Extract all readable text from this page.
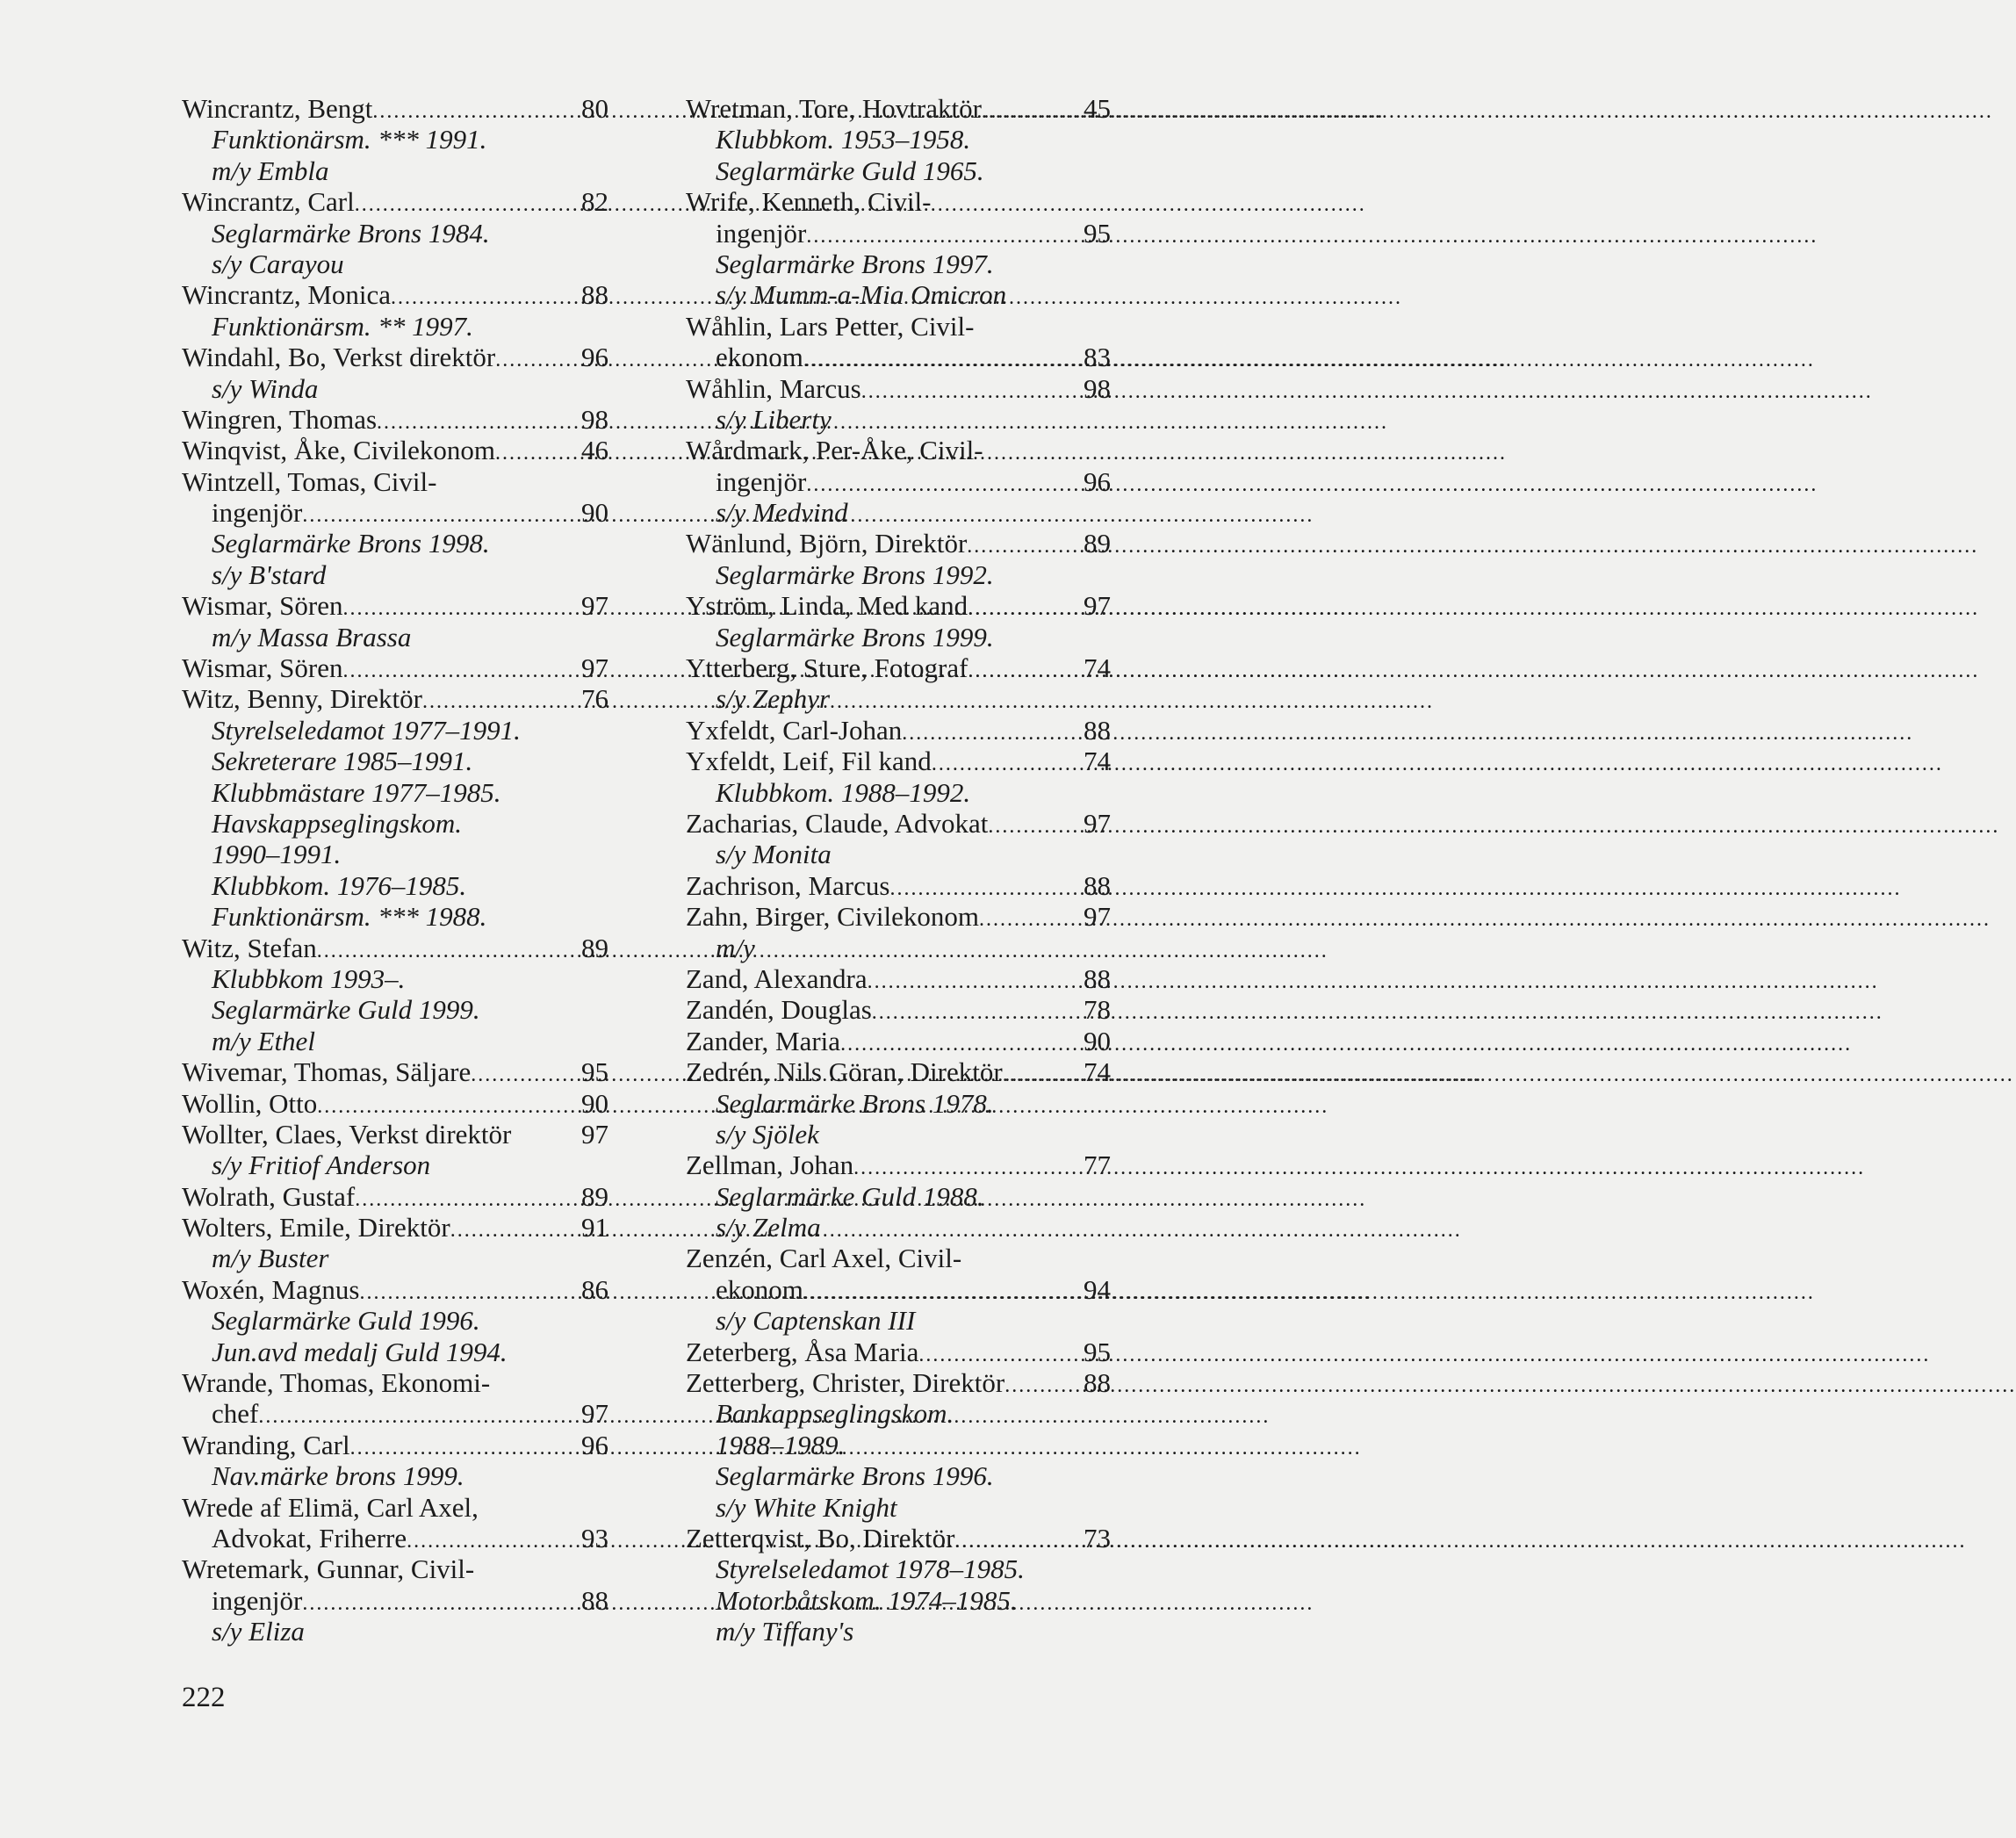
Wincrantz, Bengt .....	80
Funktionärsm. *** 1991.
m/y Embla
Wincrantz, Carl .....	82
Seglarmärke Brons 1984.
s/y Carayou
Wincrantz, Monica .....	88
Funktionärsm. ** 1997.
Windahl, Bo, Verkst direktör .....	96
s/y Winda
Wingren, Thomas .....	98
Winqvist, Åke, Civilekonom .....	46
Wintzell, Tomas, Civil-
ingenjör .....	90
Seglarmärke Brons 1998.
s/y B'stard
Wismar, Sören .....	97
m/y Massa Brassa
Wismar, Sören .....	97
Witz, Benny, Direktör .....	76
Styrelseledamot 1977–1991.
Sekreterare 1985–1991.
Klubbmästare 1977–1985.
Havskappseglingskom.
1990–1991.
Klubbkom. 1976–1985.
Funktionärsm. *** 1988.
Witz, Stefan .....	89
Klubbkom 1993–.
Seglarmärke Guld 1999.
m/y Ethel
Wivemar, Thomas, Säljare .....	95
Wollin, Otto .....	90
Wollter, Claes, Verkst direktör	97
s/y Fritiof Anderson
Wolrath, Gustaf .....	89
Wolters, Emile, Direktör .....	91
m/y Buster
Woxén, Magnus .....	86
Seglarmärke Guld 1996.
Jun.avd medalj Guld 1994.
Wrande, Thomas, Ekonomi-
chef .....	97
Wranding, Carl .....	96
Nav.märke brons 1999.
Wrede af Elimä, Carl Axel,
Advokat, Friherre .....	93
Wretemark, Gunnar, Civil-
ingenjör .....	88
s/y Eliza
Wretman, Tore, Hovtraktör .....	45
Klubbkom. 1953–1958.
Seglarmärke Guld 1965.
Wrife, Kenneth, Civil-
ingenjör .....	95
Seglarmärke Brons 1997.
s/y Mumm-a-Mia Omicron
Wåhlin, Lars Petter, Civil-
ekonom .....	83
Wåhlin, Marcus .....	98
s/y Liberty
Wårdmark, Per-Åke, Civil-
ingenjör .....	96
s/y Medvind
Wänlund, Björn, Direktör .....	89
Seglarmärke Brons 1992.
Yström, Linda, Med kand .....	97
Seglarmärke Brons 1999.
Ytterberg, Sture, Fotograf .....	74
s/y Zephyr
Yxfeldt, Carl-Johan .....	88
Yxfeldt, Leif, Fil kand .....	74
Klubbkom. 1988–1992.
Zacharias, Claude, Advokat .....	97
s/y Monita
Zachrison, Marcus .....	88
Zahn, Birger, Civilekonom .....	97
m/y
Zand, Alexandra .....	88
Zandén, Douglas .....	78
Zander, Maria .....	90
Zedrén, Nils Göran, Direktör .....	74
Seglarmärke Brons 1978.
s/y Sjölek
Zellman, Johan .....	77
Seglarmärke Guld 1988.
s/y Zelma
Zenzén, Carl Axel, Civil-
ekonom .....	94
s/y Captenskan III
Zeterberg, Åsa Maria .....	95
Zetterberg, Christer, Direktör .....	88
Bankappseglingskom.
1988–1989.
Seglarmärke Brons 1996.
s/y White Knight
Zetterqvist, Bo, Direktör .....	73
Styrelseledamot 1978–1985.
Motorbåtskom. 1974–1985.
m/y Tiffany's
222
